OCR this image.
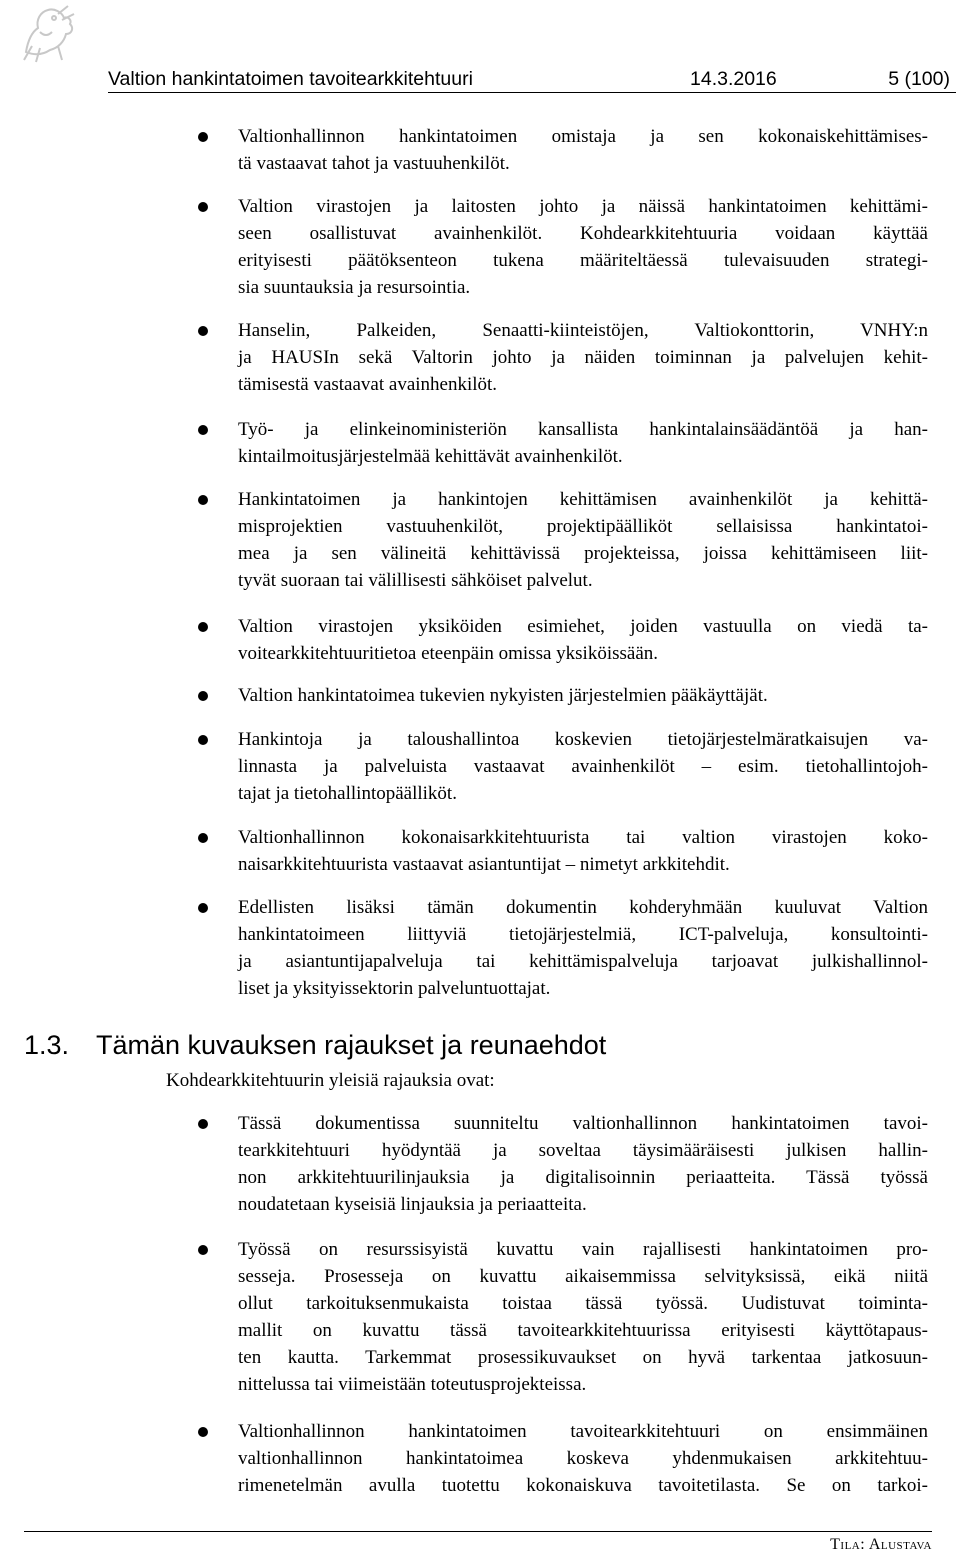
Valtion hankintatoimen tavoitearkkitehtuuri	14.3.2016	5 (100)
Valtionhallinnon hankintatoimen omistaja ja sen kokonaiskehittämises-
tä vastaavat tahot ja vastuuhenkilöt.
Valtion virastojen ja laitosten johto ja näissä hankintatoimen kehittämi-
seen osallistuvat avainhenkilöt. Kohdearkkitehtuuria voidaan käyttää
erityisesti päätöksenteon tukena määriteltäessä tulevaisuuden strategi-
sia suuntauksia ja resursointia.
Hanselin, Palkeiden, Senaatti-kiinteistöjen, Valtiokonttorin, VNHY:n
ja HAUSIn sekä Valtorin johto ja näiden toiminnan ja palvelujen kehit-
tämisestä vastaavat avainhenkilöt.
Työ- ja elinkeinoministeriön kansallista hankintalainsäädäntöä ja han-
kintailmoitusjärjestelmää kehittävät avainhenkilöt.
Hankintatoimen ja hankintojen kehittämisen avainhenkilöt ja kehittä-
misprojektien vastuuhenkilöt, projektipäälliköt sellaisissa hankintatoi-
mea ja sen välineitä kehittävissä projekteissa, joissa kehittämiseen liit-
tyvät suoraan tai välillisesti sähköiset palvelut.
Valtion virastojen yksiköiden esimiehet, joiden vastuulla on viedä ta-
voitearkkitehtuuritietoa eteenpäin omissa yksiköissään.
Valtion hankintatoimea tukevien nykyisten järjestelmien pääkäyttäjät.
Hankintoja ja taloushallintoa koskevien tietojärjestelmäratkaisujen va-
linnasta ja palveluista vastaavat avainhenkilöt – esim. tietohallintojoh-
tajat ja tietohallintopäälliköt.
Valtionhallinnon kokonaisarkkitehtuurista tai valtion virastojen koko-
naisarkkitehtuurista vastaavat asiantuntijat – nimetyt arkkitehdit.
Edellisten lisäksi tämän dokumentin kohderyhmään kuuluvat Valtion
hankintatoimeen liittyviä tietojärjestelmiä, ICT-palveluja, konsultointi-
ja asiantuntijapalveluja tai kehittämispalveluja tarjoavat julkishallinnol-
liset ja yksityissektorin palveluntuottajat.
1.3. Tämän kuvauksen rajaukset ja reunaehdot
Kohdearkkitehtuurin yleisiä rajauksia ovat:
Tässä dokumentissa suunniteltu valtionhallinnon hankintatoimen tavoi-
tearkkitehtuuri hyödyntää ja soveltaa täysimääräisesti julkisen hallin-
non arkkitehtuurilinjauksia ja digitalisoinnin periaatteita. Tässä työssä
noudatetaan kyseisiä linjauksia ja periaatteita.
Työssä on resurssisyistä kuvattu vain rajallisesti hankintatoimen pro-
sesseja. Prosesseja on kuvattu aikaisemmissa selvityksissä, eikä niitä
ollut tarkoituksenmukaista toistaa tässä työssä. Uudistuvat toiminta-
mallit on kuvattu tässä tavoitearkkitehtuurissa erityisesti käyttötapaus-
ten kautta. Tarkemmat prosessikuvaukset on hyvä tarkentaa jatkosuun-
nittelussa tai viimeistään toteutusprojekteissa.
Valtionhallinnon hankintatoimen tavoitearkkitehtuuri on ensimmäinen
valtionhallinnon hankintatoimea koskeva yhdenmukaisen arkkitehtuu-
rimenetelmän avulla tuotettu kokonaiskuva tavoitetilasta. Se on tarkoi-
Tila: Alustava
